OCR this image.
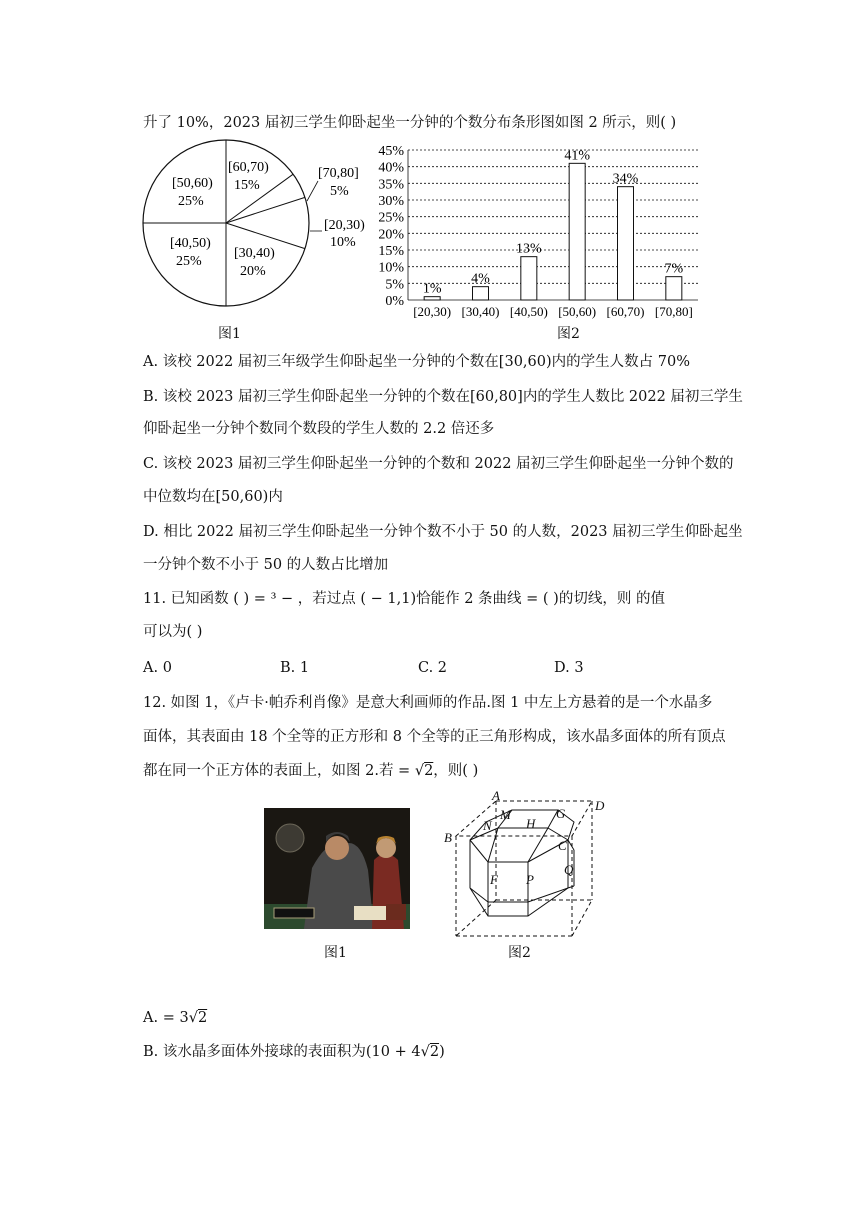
升了 10%，2023 届初三学生仰卧起坐一分钟的个数分布条形图如图 2 所示，则( )
[60,70)
15%
[70,80]
5%
[20,30)
10%
[30,40)
20%
[40,50)
25%
[50,60)
25%
图1
0%
5%
10%
15%
20%
25%
30%
35%
40%
45%
1%
[20,30)
4%
[30,40)
13%
[40,50)
41%
[50,60)
34%
[60,70)
7%
[70,80]
图2
A. 该校 2022 届初三年级学生仰卧起坐一分钟的个数在[30,60)内的学生人数占 70%
B. 该校 2023 届初三学生仰卧起坐一分钟的个数在[60,80]内的学生人数比 2022 届初三学生
仰卧起坐一分钟个数同个数段的学生人数的 2.2 倍还多
C. 该校 2023 届初三学生仰卧起坐一分钟的个数和 2022 届初三学生仰卧起坐一分钟个数的
中位数均在[50,60)内
D. 相比 2022 届初三学生仰卧起坐一分钟个数不小于 50 的人数，2023 届初三学生仰卧起坐
一分钟个数不小于 50 的人数占比增加
11. 已知函数 ( ) = ³ − ，若过点 ( − 1,1)恰能作 2 条曲线 = ( )的切线，则 的值
可以为( )
A. 0	B. 1	C. 2	D. 3
12. 如图 1，《卢卡·帕乔利肖像》是意大利画师的作品.图 1 中左上方悬着的是一个水晶多
面体，其表面由 18 个全等的正方形和 8 个全等的正三角形构成，该水晶多面体的所有顶点
都在同一个正方体的表面上，如图 2.若 = √2，则( )
A
B
D
M
N	H
G
C
F P
Q
图1	图2
A. = 3√2
B. 该水晶多面体外接球的表面积为(10 + 4√2)
